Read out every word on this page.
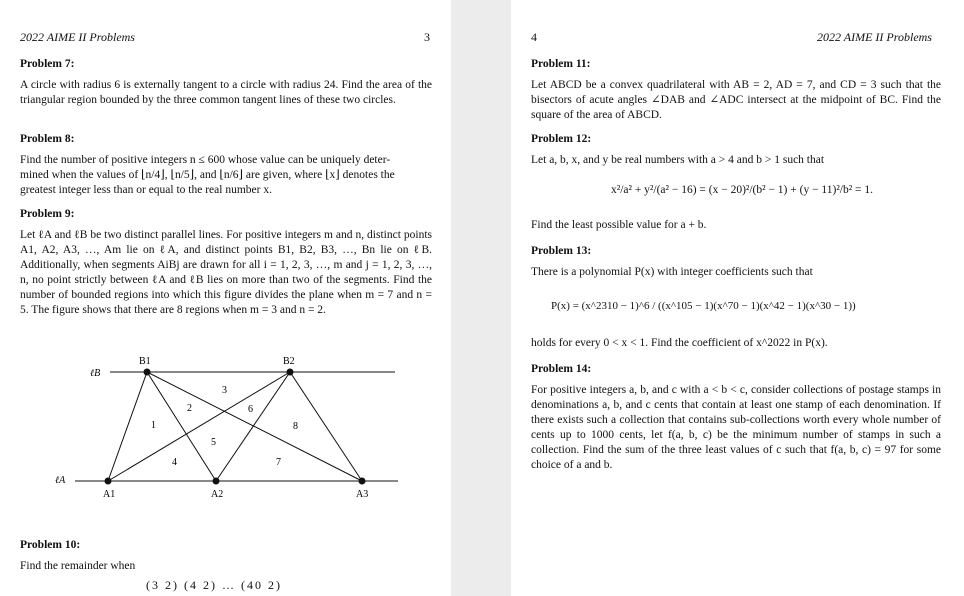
2022 AIME II Problems	3

Problem 7:

A circle with radius 6 is externally tangent to a circle with radius 24. Find the area of the triangular region bounded by the three common tangent lines of these two circles.

Problem 8:

Find the number of positive integers n ≤ 600 whose value can be uniquely deter-
mined when the values of ⌊n/4⌋, ⌊n/5⌋, and ⌊n/6⌋ are given, where ⌊x⌋ denotes the
greatest integer less than or equal to the real number x.

Problem 9:

Let ℓA and ℓB be two distinct parallel lines. For positive integers m and n, distinct points A1, A2, A3, …, Am lie on ℓA, and distinct points B1, B2, B3, …, Bn lie on ℓB. Additionally, when segments AiBj are drawn for all i = 1, 2, 3, …, m and j = 1, 2, 3, …, n, no point strictly between ℓA and ℓB lies on more than two of the segments. Find the number of bounded regions into which this figure divides the plane when m = 7 and n = 5. The figure shows that there are 8 regions when m = 3 and n = 2.

ℓB
ℓA
B1	B2
A1	A2	A3
1
2
3
4
5
6
7
8

Problem 10:

Find the remainder when

(3 2) (4 2) … (40 2)
4	2022 AIME II Problems

Problem 11:

Let ABCD be a convex quadrilateral with AB = 2, AD = 7, and CD = 3 such that the bisectors of acute angles ∠DAB and ∠ADC intersect at the midpoint of BC. Find the square of the area of ABCD.

Problem 12:

Let a, b, x, and y be real numbers with a > 4 and b > 1 such that

x²/a² + y²/(a² − 16) = (x − 20)²/(b² − 1) + (y − 11)²/b² = 1.

Find the least possible value for a + b.

Problem 13:

There is a polynomial P(x) with integer coefficients such that

P(x) = (x^2310 − 1)^6 / ((x^105 − 1)(x^70 − 1)(x^42 − 1)(x^30 − 1))

holds for every 0 < x < 1. Find the coefficient of x^2022 in P(x).

Problem 14:

For positive integers a, b, and c with a < b < c, consider collections of postage stamps in denominations a, b, and c cents that contain at least one stamp of each denomination. If there exists such a collection that contains sub-collections worth every whole number of cents up to 1000 cents, let f(a, b, c) be the minimum number of stamps in such a collection. Find the sum of the three least values of c such that f(a, b, c) = 97 for some choice of a and b.
